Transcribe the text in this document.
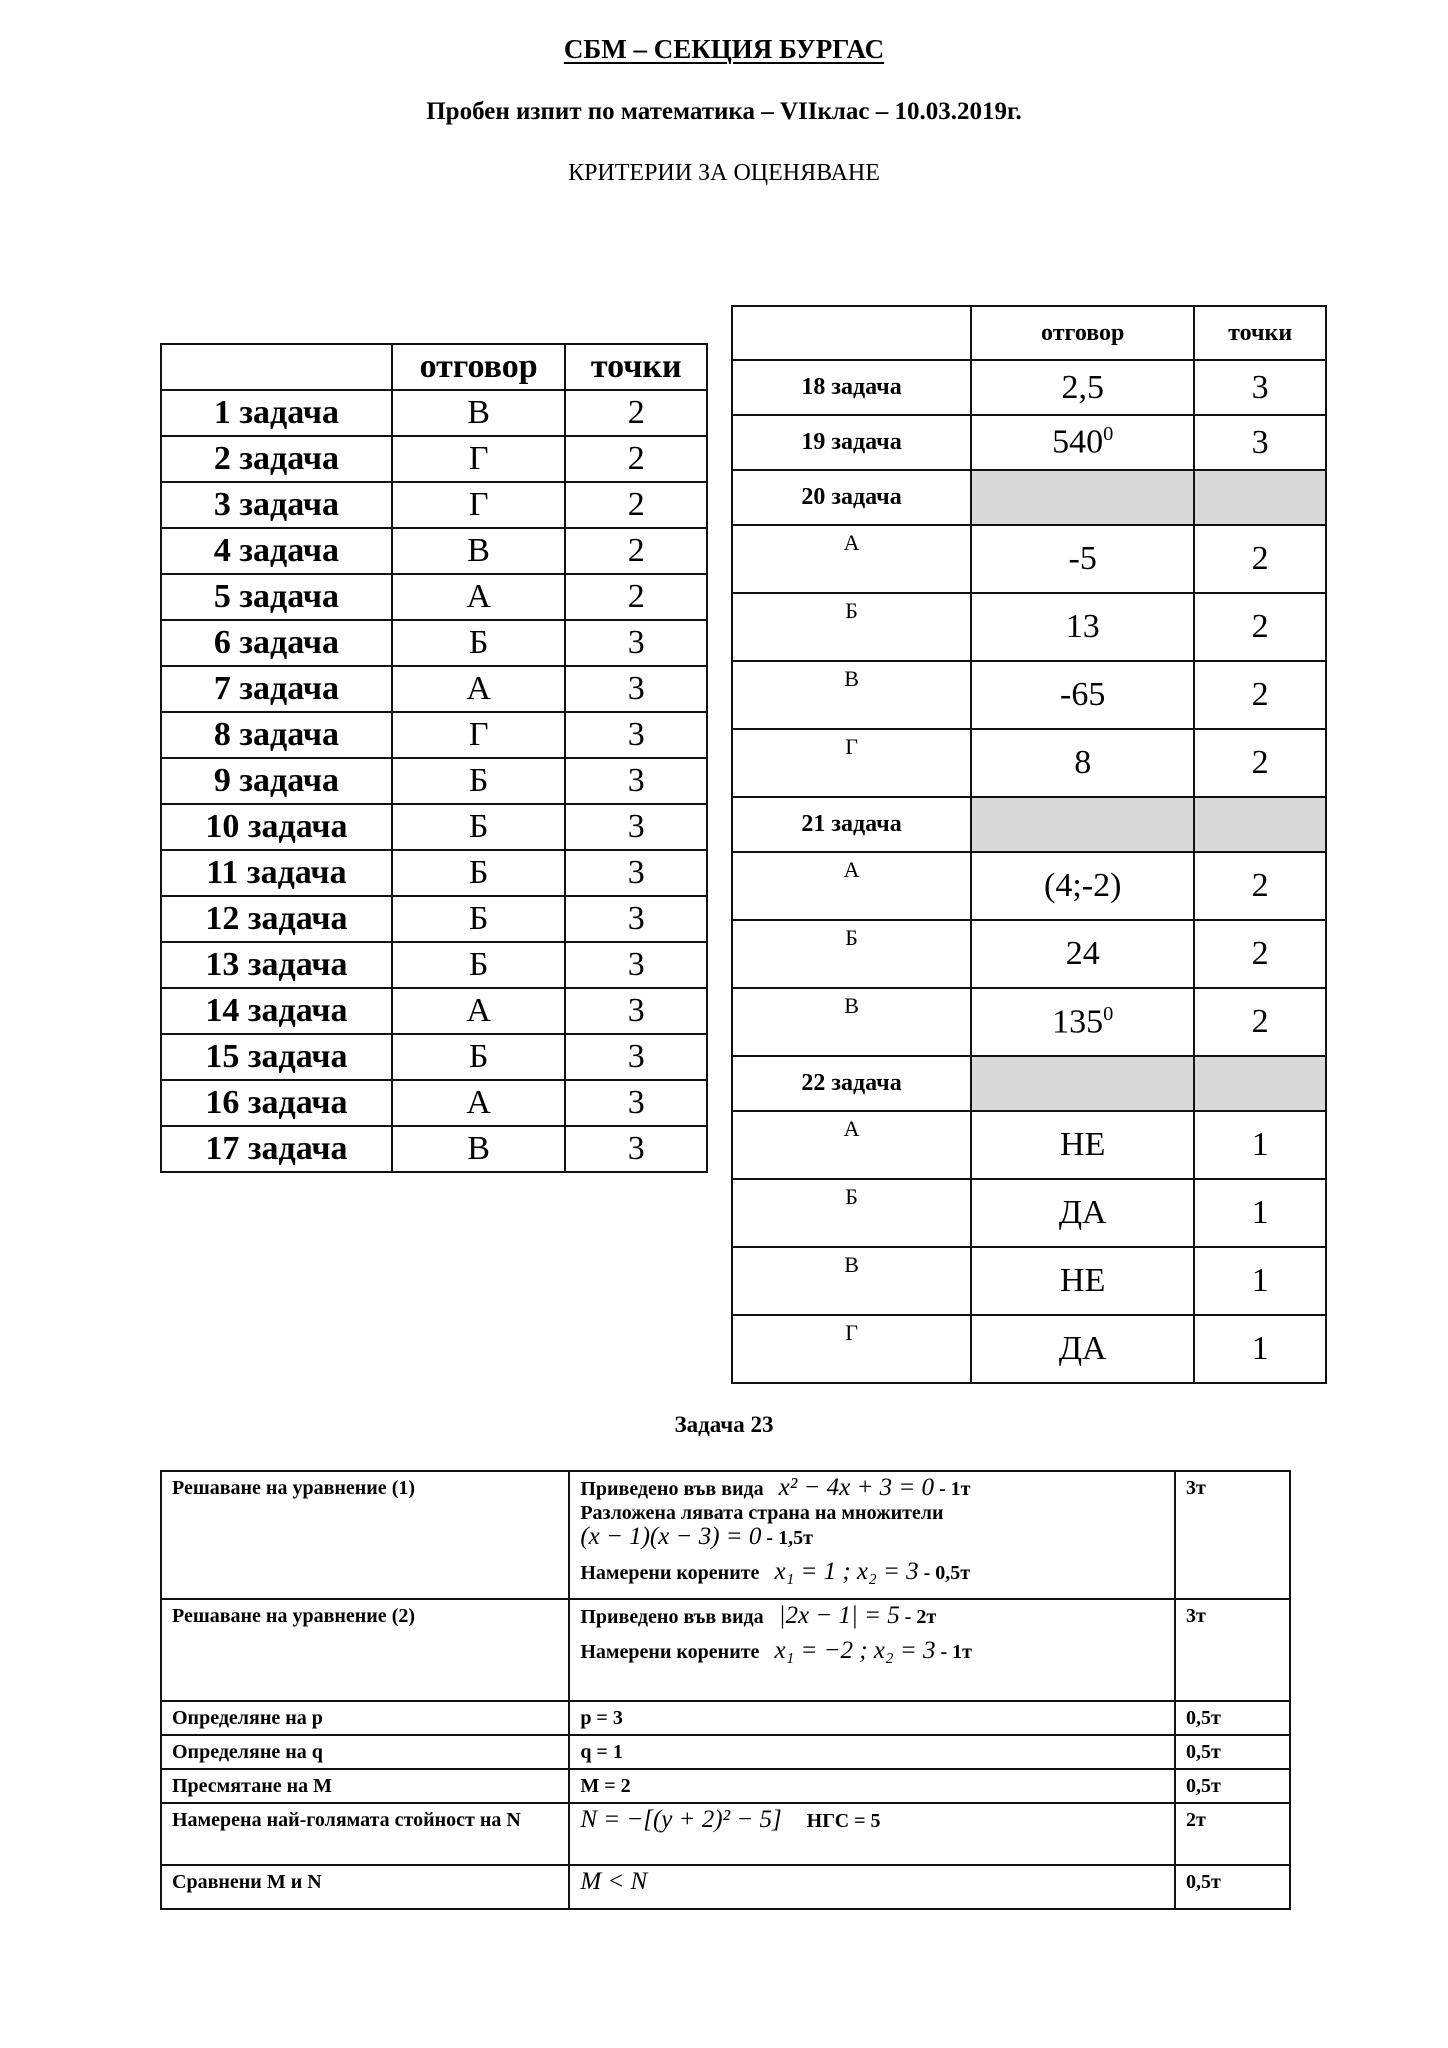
СБМ – СЕКЦИЯ БУРГАС
Пробен изпит по математика – VIIклас – 10.03.2019г.
КРИТЕРИИ ЗА ОЦЕНЯВАНЕ
	отговор	точки
1 задача	В	2
2 задача	Г	2
3 задача	Г	2
4 задача	В	2
5 задача	А	2
6 задача	Б	3
7 задача	А	3
8 задача	Г	3
9 задача	Б	3
10 задача	Б	3
11 задача	Б	3
12 задача	Б	3
13 задача	Б	3
14 задача	А	3
15 задача	Б	3
16 задача	А	3
17 задача	В	3
	отговор	точки
18 задача	2,5	3
19 задача	$540^0$	3
20 задача		
А	-5	2
Б	13	2
В	-65	2
Г	8	2
21 задача		
А	(4;-2)	2
Б	24	2
В	$135^0$	2
22 задача		
А	НЕ	1
Б	ДА	1
В	НЕ	1
Г	ДА	1
Задача 23
Решаване на уравнение (1)	Приведено във вида x² − 4x + 3 = 0 - 1т
Разложена лявата страна на множители
(x − 1)(x − 3) = 0 - 1,5т
Намерени корените x₁ = 1 ; x₂ = 3 - 0,5т	3т
Решаване на уравнение (2)	Приведено във вида |2x − 1| = 5 - 2т
Намерени корените x₁ = −2 ; x₂ = 3 - 1т	3т
Определяне на p	p = 3	0,5т
Определяне на q	q = 1	0,5т
Пресмятане на M	M = 2	0,5т
Намерена най-голямата стойност на N	N = −[(y + 2)² − 5] НГС = 5	2т
Сравнени M и N	M < N	0,5т
